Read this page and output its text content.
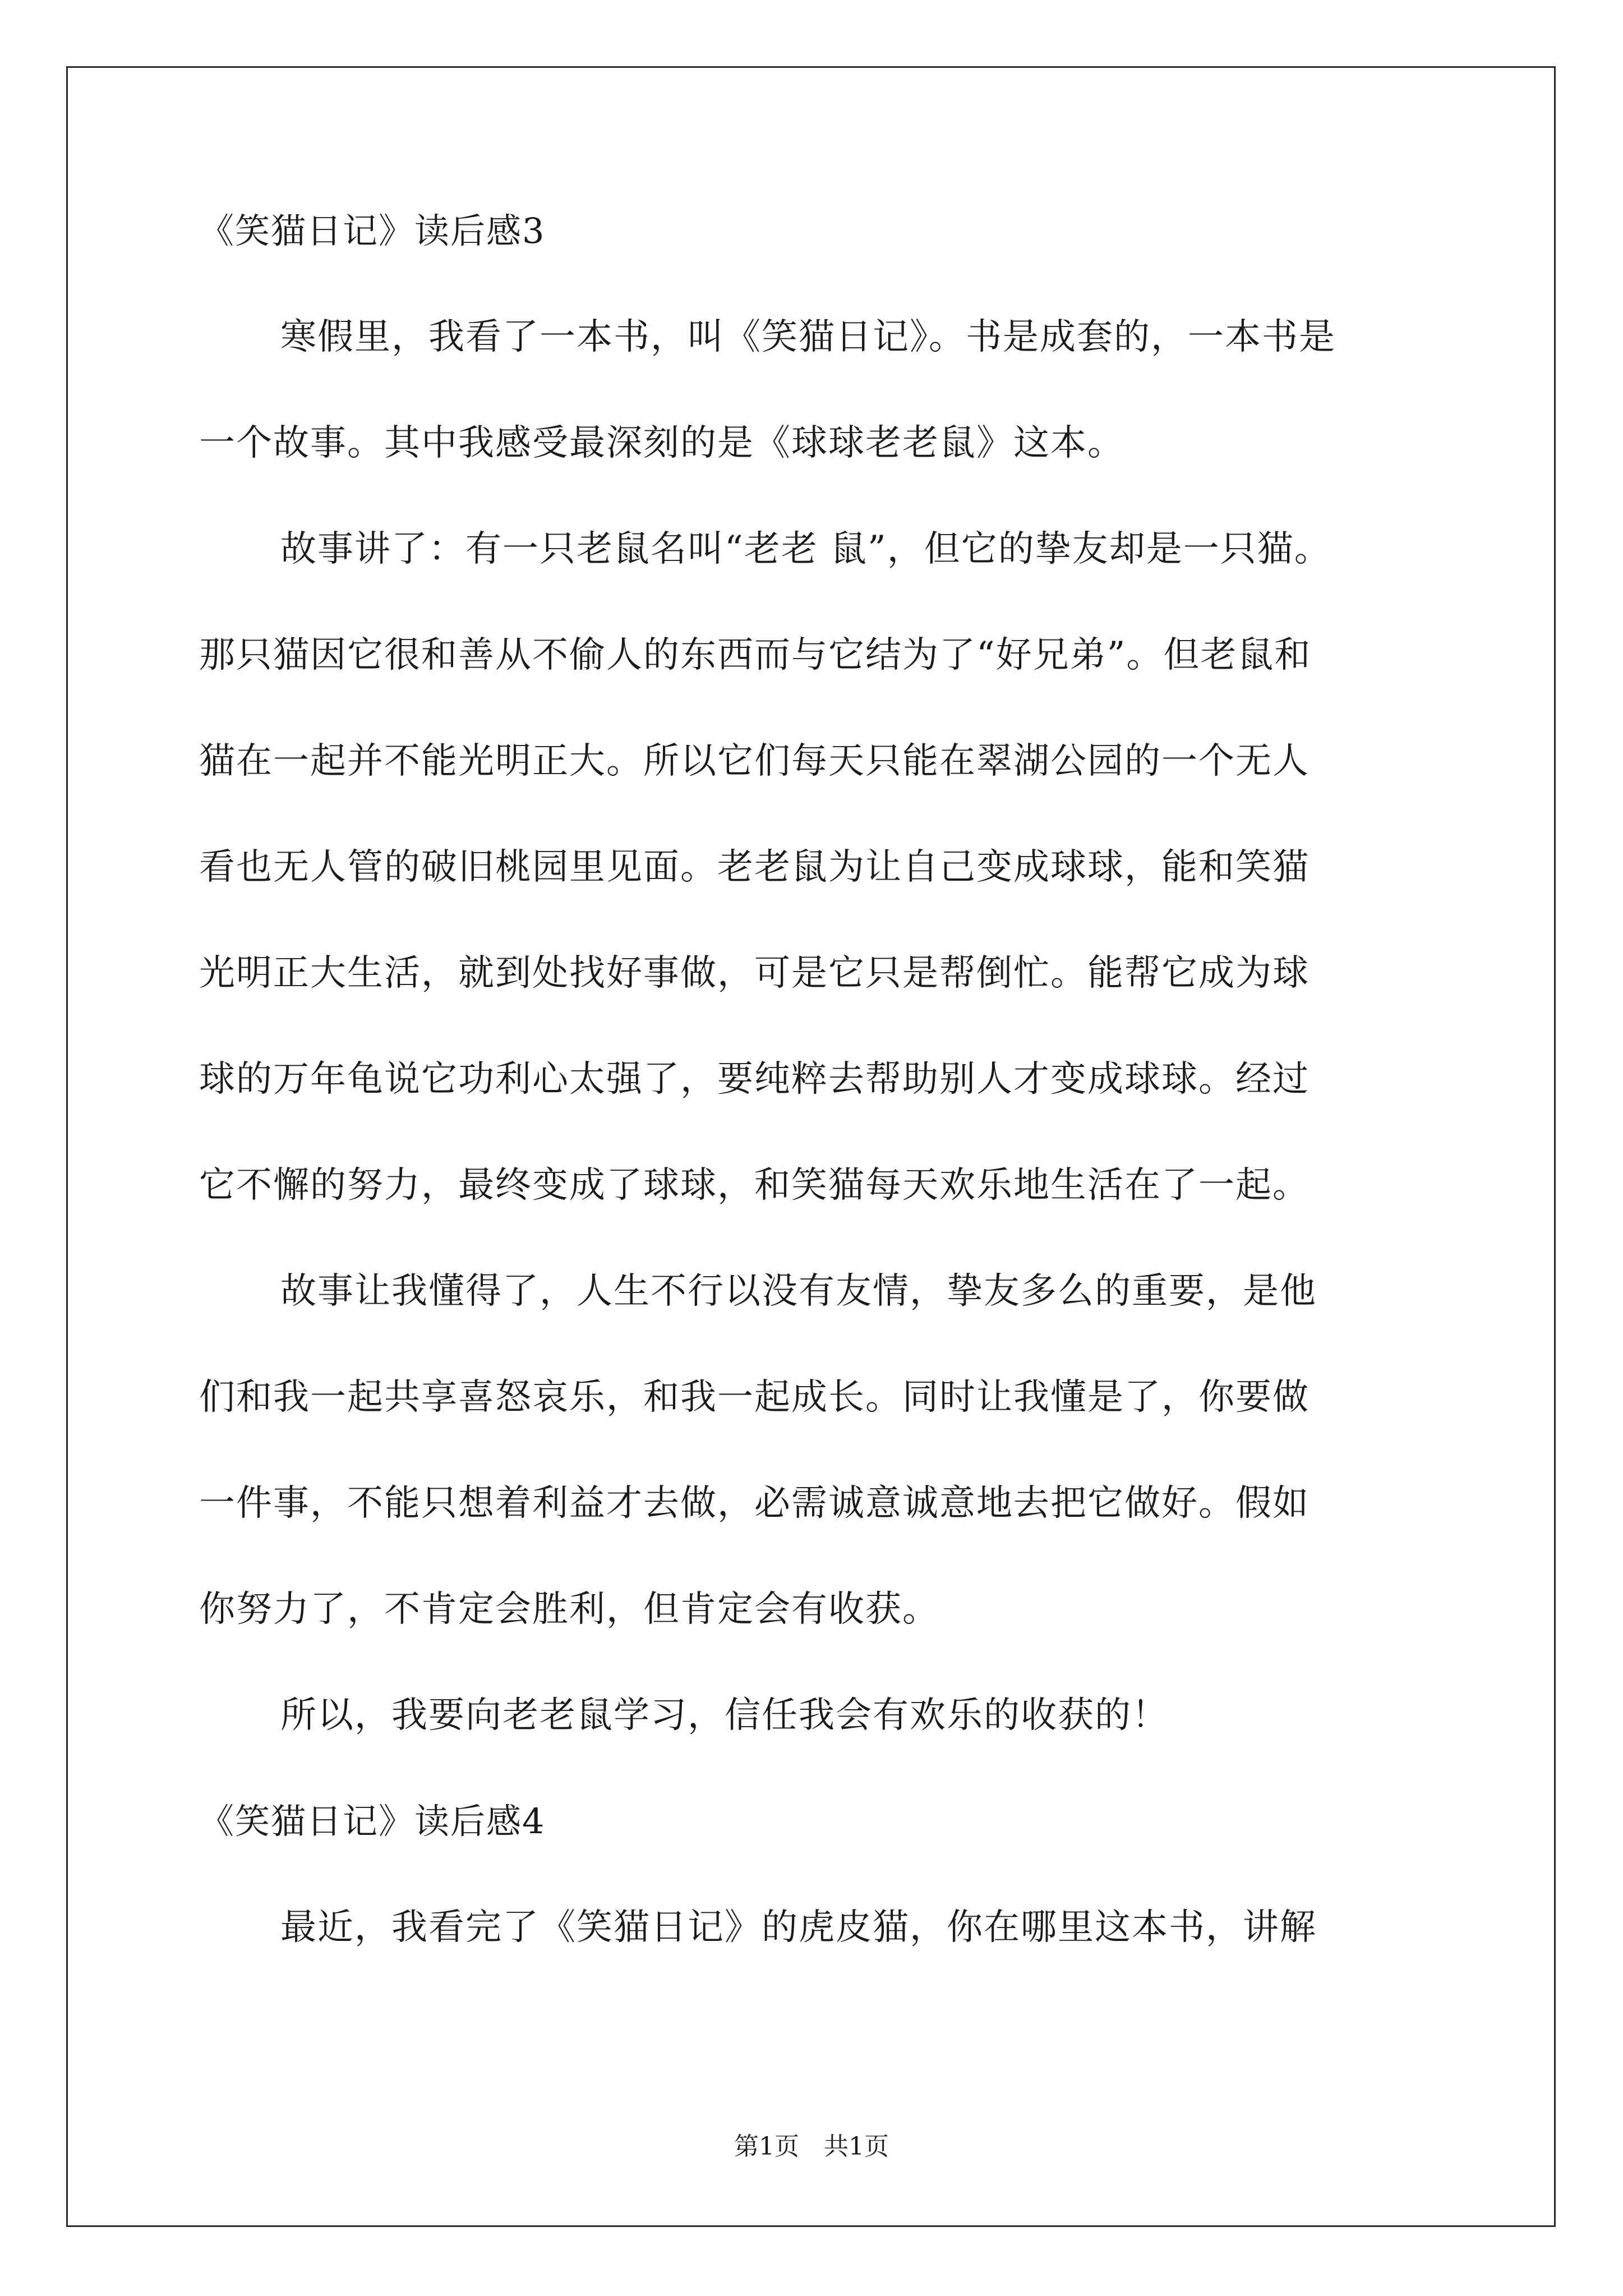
《笑猫日记》读后感3
寒假里，我看了一本书，叫《笑猫日记》。书是成套的，一本书是
一个故事。其中我感受最深刻的是《球球老老鼠》这本。
故事讲了：有一只老鼠名叫“老老 鼠”，但它的挚友却是一只猫。
那只猫因它很和善从不偷人的东西而与它结为了“好兄弟”。但老鼠和
猫在一起并不能光明正大。所以它们每天只能在翠湖公园的一个无人
看也无人管的破旧桃园里见面。老老鼠为让自己变成球球，能和笑猫
光明正大生活，就到处找好事做，可是它只是帮倒忙。能帮它成为球
球的万年龟说它功利心太强了，要纯粹去帮助别人才变成球球。经过
它不懈的努力，最终变成了球球，和笑猫每天欢乐地生活在了一起。
故事让我懂得了，人生不行以没有友情，挚友多么的重要，是他
们和我一起共享喜怒哀乐，和我一起成长。同时让我懂是了，你要做
一件事，不能只想着利益才去做，必需诚意诚意地去把它做好。假如
你努力了，不肯定会胜利，但肯定会有收获。
所以，我要向老老鼠学习，信任我会有欢乐的收获的！
《笑猫日记》读后感4
最近，我看完了《笑猫日记》的虎皮猫，你在哪里这本书，讲解
第1页　共1页
